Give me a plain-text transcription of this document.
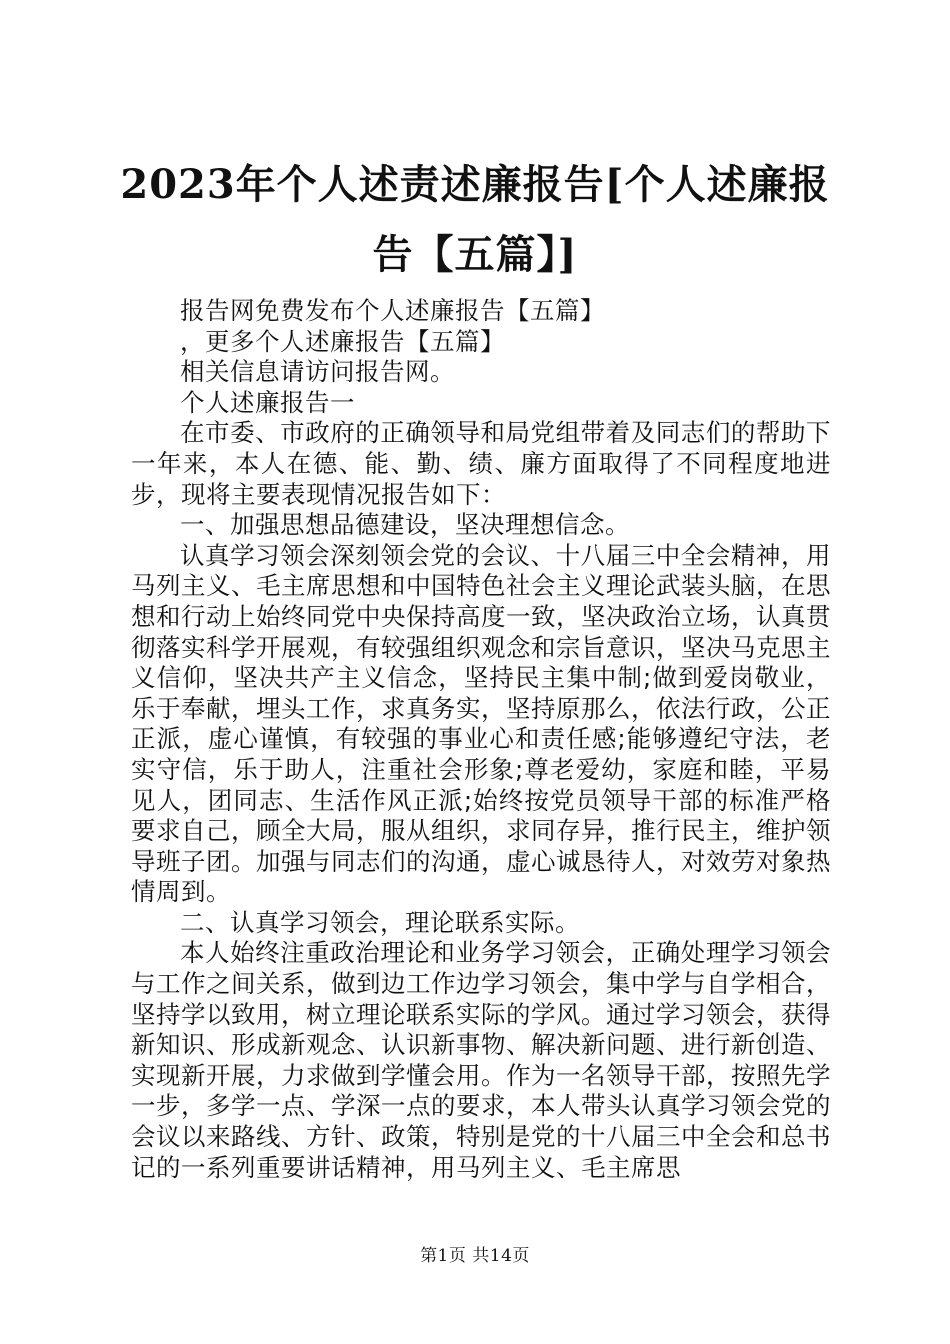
2023年个人述责述廉报告[个人述廉报告【五篇】]

报告网免费发布个人述廉报告【五篇】

，更多个人述廉报告【五篇】

相关信息请访问报告网。

个人述廉报告一

在市委、市政府的正确领导和局党组带着及同志们的帮助下一年来，本人在德、能、勤、绩、廉方面取得了不同程度地进步，现将主要表现情况报告如下：

一、加强思想品德建设，坚决理想信念。

认真学习领会深刻领会党的会议、十八届三中全会精神，用马列主义、毛主席思想和中国特色社会主义理论武装头脑，在思想和行动上始终同党中央保持高度一致，坚决政治立场，认真贯彻落实科学开展观，有较强组织观念和宗旨意识，坚决马克思主义信仰，坚决共产主义信念，坚持民主集中制;做到爱岗敬业，乐于奉献，埋头工作，求真务实，坚持原那么，依法行政，公正正派，虚心谨慎，有较强的事业心和责任感;能够遵纪守法，老实守信，乐于助人，注重社会形象;尊老爱幼，家庭和睦，平易见人，团同志、生活作风正派;始终按党员领导干部的标准严格要求自己，顾全大局，服从组织，求同存异，推行民主，维护领导班子团。加强与同志们的沟通，虚心诚恳待人，对效劳对象热情周到。

二、认真学习领会，理论联系实际。

本人始终注重政治理论和业务学习领会，正确处理学习领会与工作之间关系，做到边工作边学习领会，集中学与自学相合，坚持学以致用，树立理论联系实际的学风。通过学习领会，获得新知识、形成新观念、认识新事物、解决新问题、进行新创造、实现新开展，力求做到学懂会用。作为一名领导干部，按照先学一步，多学一点、学深一点的要求，本人带头认真学习领会党的会议以来路线、方针、政策，特别是党的十八届三中全会和总书记的一系列重要讲话精神，用马列主义、毛主席思

第1页 共14页
